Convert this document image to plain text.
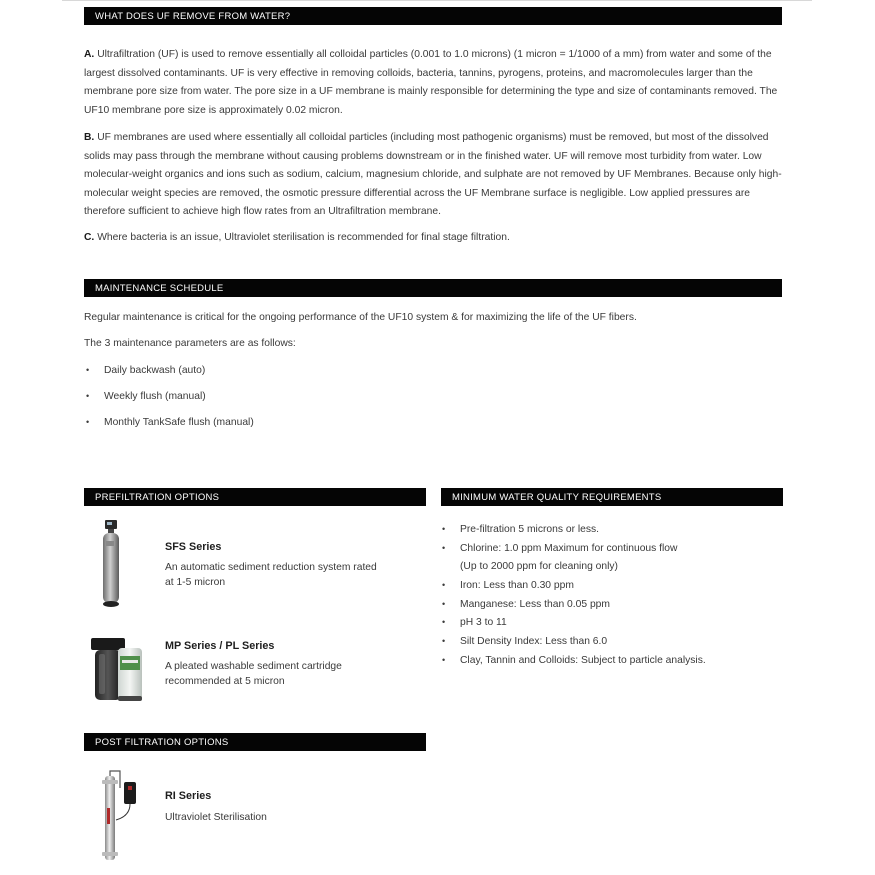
WHAT DOES UF REMOVE FROM WATER?

A. Ultrafiltration (UF) is used to remove essentially all colloidal particles (0.001 to 1.0 microns) (1 micron = 1/1000 of a mm) from water and some of the largest dissolved contaminants. UF is very effective in removing colloids, bacteria, tannins, pyrogens, proteins, and macromolecules larger than the membrane pore size from water. The pore size in a UF membrane is mainly responsible for determining the type and size of contaminants removed. The UF10 membrane pore size is approximately 0.02 micron.

B. UF membranes are used where essentially all colloidal particles (including most pathogenic organisms) must be removed, but most of the dissolved solids may pass through the membrane without causing problems downstream or in the finished water. UF will remove most turbidity from water. Low molecular-weight organics and ions such as sodium, calcium, magnesium chloride, and sulphate are not removed by UF Membranes. Because only high-molecular weight species are removed, the osmotic pressure differential across the UF Membrane surface is negligible. Low applied pressures are therefore sufficient to achieve high flow rates from an Ultrafiltration membrane.

C. Where bacteria is an issue, Ultraviolet sterilisation is recommended for final stage filtration.

MAINTENANCE SCHEDULE
Regular maintenance is critical for the ongoing performance of the UF10 system & for maximizing the life of the UF fibers.
The 3 maintenance parameters are as follows:
• Daily backwash (auto)
• Weekly flush (manual)
• Monthly TankSafe flush (manual)
PREFILTRATION OPTIONS
SFS Series
An automatic sediment reduction system rated
at 1-5 micron
MP Series / PL Series
A pleated washable sediment cartridge
recommended at 5 micron
MINIMUM WATER QUALITY REQUIREMENTS
• Pre-filtration 5 microns or less.
• Chlorine: 1.0 ppm Maximum for continuous flow
(Up to 2000 ppm for cleaning only)
• Iron: Less than 0.30 ppm
• Manganese: Less than 0.05 ppm
• pH 3 to 11
• Silt Density Index: Less than 6.0
• Clay, Tannin and Colloids: Subject to particle analysis.
POST FILTRATION OPTIONS
RI Series
Ultraviolet Sterilisation
